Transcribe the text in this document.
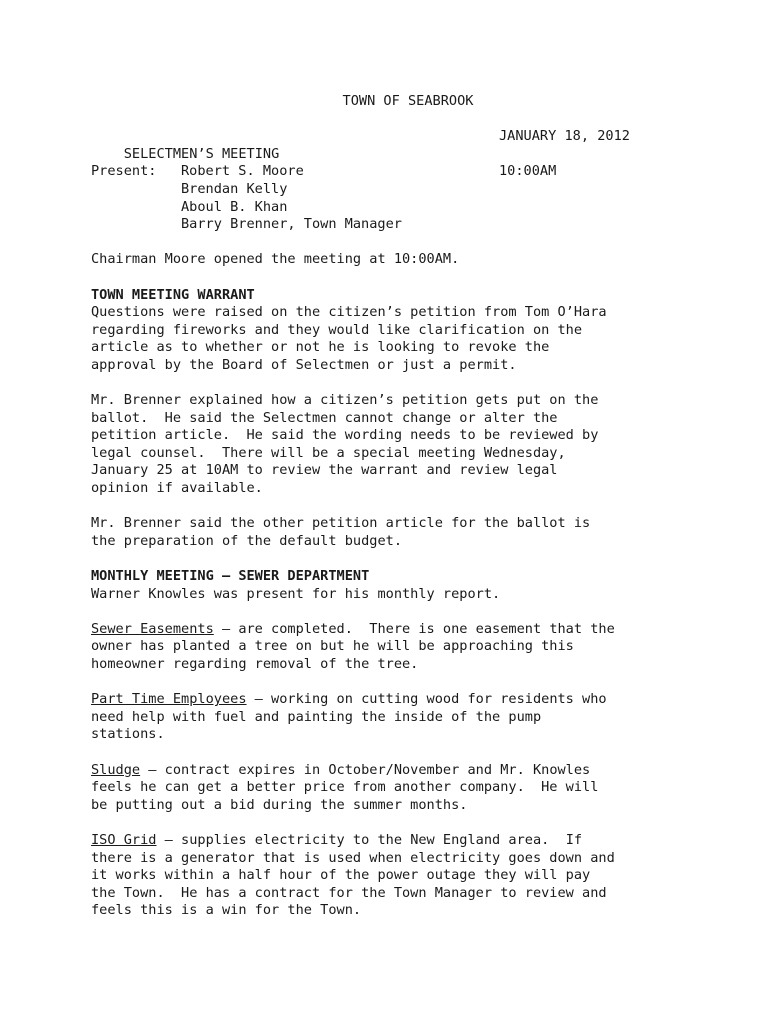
TOWN OF SEABROOK

SELECTMEN’S MEETING

JANUARY 18, 2012

Present:	10:00AM
Robert S. Moore
Brendan Kelly
Aboul B. Khan
Barry Brenner, Town Manager
Chairman Moore opened the meeting at 10:00AM.
TOWN MEETING WARRANT
Questions were raised on the citizen’s petition from Tom O’Hara
regarding fireworks and they would like clarification on the
article as to whether or not he is looking to revoke the
approval by the Board of Selectmen or just a permit.
Mr. Brenner explained how a citizen’s petition gets put on the
ballot.  He said the Selectmen cannot change or alter the
petition article.  He said the wording needs to be reviewed by
legal counsel.  There will be a special meeting Wednesday,
January 25 at 10AM to review the warrant and review legal
opinion if available.
Mr. Brenner said the other petition article for the ballot is
the preparation of the default budget.
MONTHLY MEETING – SEWER DEPARTMENT
Warner Knowles was present for his monthly report.
Sewer Easements – are completed.  There is one easement that the
owner has planted a tree on but he will be approaching this
homeowner regarding removal of the tree.
Part Time Employees – working on cutting wood for residents who
need help with fuel and painting the inside of the pump
stations.
Sludge – contract expires in October/November and Mr. Knowles
feels he can get a better price from another company.  He will
be putting out a bid during the summer months.
ISO Grid – supplies electricity to the New England area.  If
there is a generator that is used when electricity goes down and
it works within a half hour of the power outage they will pay
the Town.  He has a contract for the Town Manager to review and
feels this is a win for the Town.
